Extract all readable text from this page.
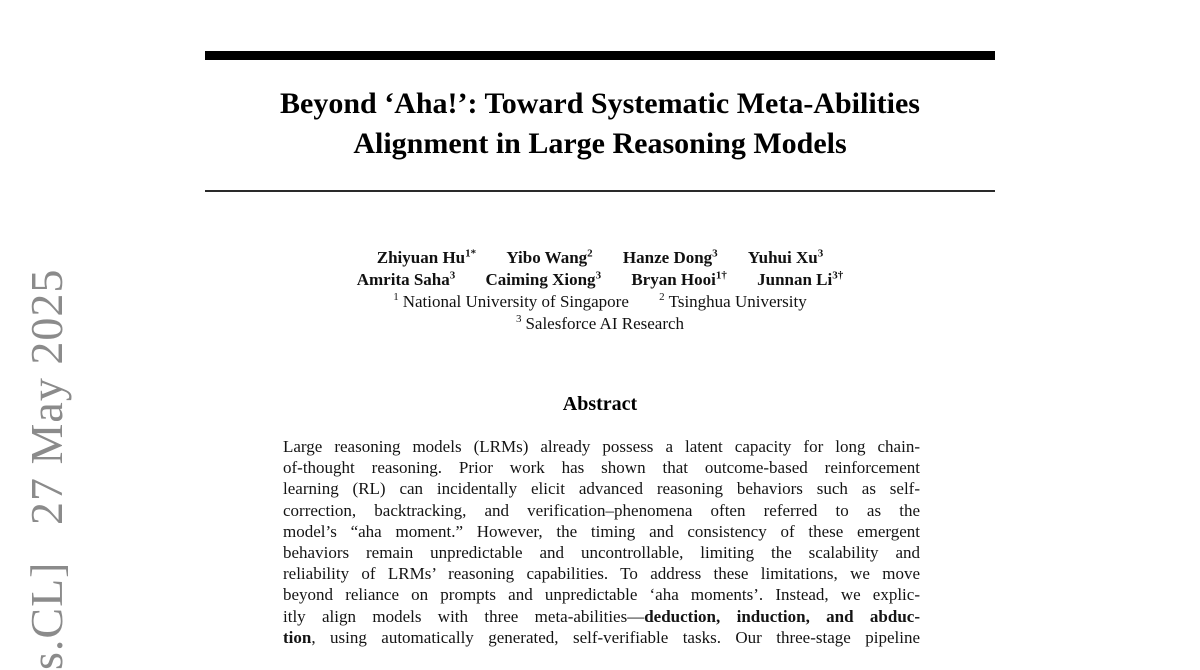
s.CL]  27 May 2025
Beyond ‘Aha!’: Toward Systematic Meta-Abilities
Alignment in Large Reasoning Models
Zhiyuan $Hu^{1*}$ Yibo Wang$^2$ Hanze Dong$^3$ Yuhui Xu$^3$
Amrita Saha$^3$ Caiming Xiong$^3$ Bryan Hooi$^{1\dagger}$ Junnan $Li^{3\dagger}$
$^1$ National University of Singapore	$^2$ Tsinghua University
$^3$ Salesforce AI Research
Abstract
Large reasoning models (LRMs) already possess a latent capacity for long chain-
of-thought reasoning. Prior work has shown that outcome-based reinforcement
learning (RL) can incidentally elicit advanced reasoning behaviors such as self-
correction, backtracking, and verification–phenomena often referred to as the
model’s “aha moment.” However, the timing and consistency of these emergent
behaviors remain unpredictable and uncontrollable, limiting the scalability and
reliability of LRMs’ reasoning capabilities. To address these limitations, we move
beyond reliance on prompts and unpredictable ‘aha moments’. Instead, we explic-
itly align models with three meta-abilities—deduction, induction, and abduc-
tion, using automatically generated, self-verifiable tasks. Our three-stage pipeline
